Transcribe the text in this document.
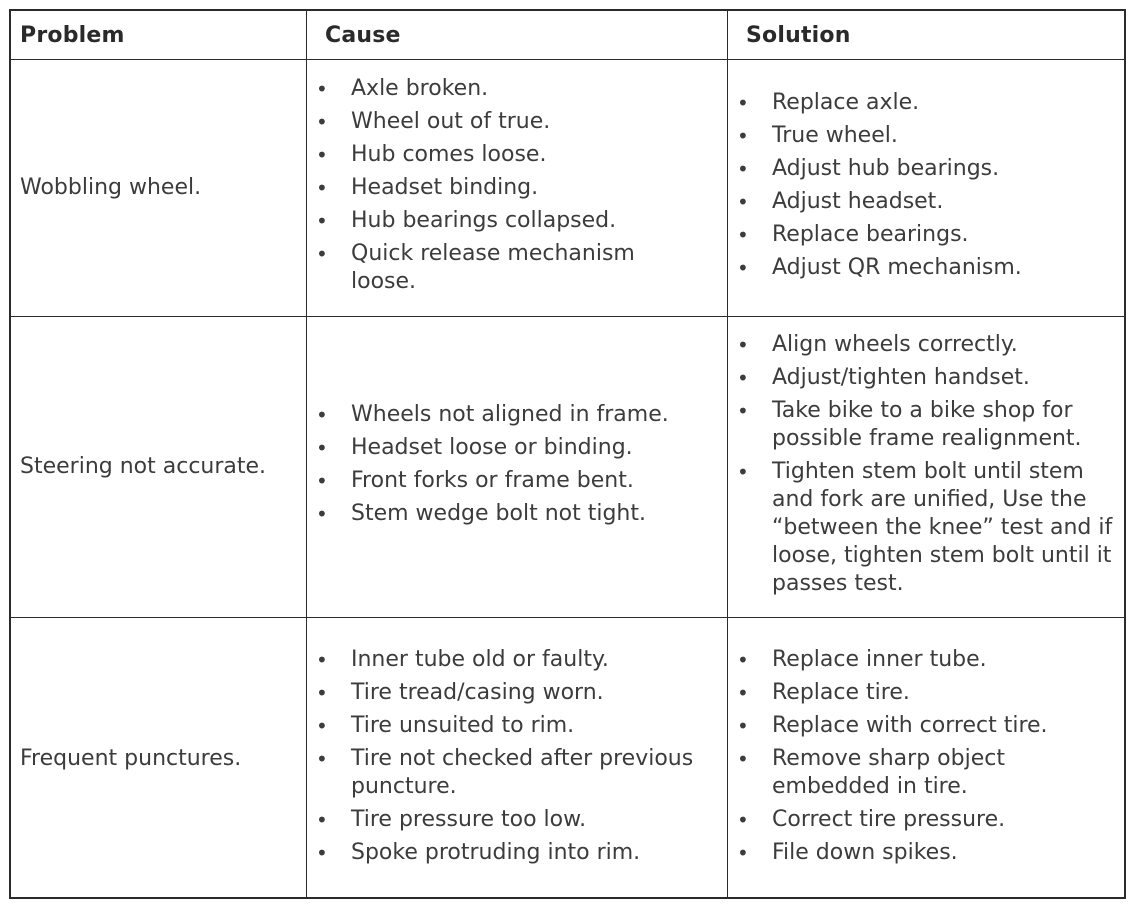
Problem	Cause	Solution
Wobbling wheel.
• Axle broken.
• Wheel out of true.
• Hub comes loose.
• Headset binding.
• Hub bearings collapsed.
• Quick release mechanism loose.
• Replace axle.
• True wheel.
• Adjust hub bearings.
• Adjust headset.
• Replace bearings.
• Adjust QR mechanism.
Steering not accurate.
• Wheels not aligned in frame.
• Headset loose or binding.
• Front forks or frame bent.
• Stem wedge bolt not tight.
• Align wheels correctly.
• Adjust/tighten handset.
• Take bike to a bike shop for possible frame realignment.
• Tighten stem bolt until stem and fork are unified, Use the “between the knee” test and if loose, tighten stem bolt until it passes test.
Frequent punctures.
• Inner tube old or faulty.
• Tire tread/casing worn.
• Tire unsuited to rim.
• Tire not checked after previous puncture.
• Tire pressure too low.
• Spoke protruding into rim.
• Replace inner tube.
• Replace tire.
• Replace with correct tire.
• Remove sharp object embedded in tire.
• Correct tire pressure.
• File down spikes.
